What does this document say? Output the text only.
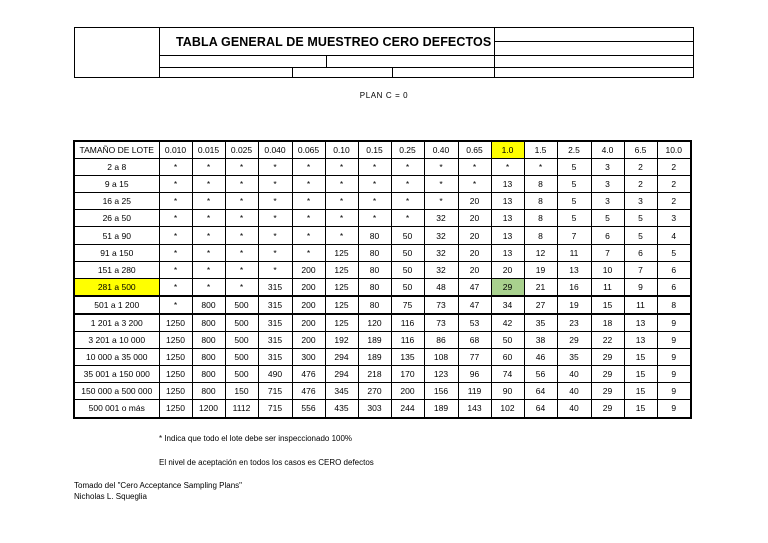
TABLA GENERAL DE MUESTREO CERO DEFECTOS
PLAN C = 0
TAMAÑO DE LOTE	0.010	0.015	0.025	0.040	0.065	0.10	0.15	0.25	0.40	0.65	1.0	1.5	2.5	4.0	6.5	10.0
2 a 8	*	*	*	*	*	*	*	*	*	*	*	*	5	3	2	2
9 a 15	*	*	*	*	*	*	*	*	*	*	13	8	5	3	2	2
16 a 25	*	*	*	*	*	*	*	*	*	20	13	8	5	3	3	2
26 a 50	*	*	*	*	*	*	*	*	32	20	13	8	5	5	5	3
51 a 90	*	*	*	*	*	*	80	50	32	20	13	8	7	6	5	4
91 a 150	*	*	*	*	*	125	80	50	32	20	13	12	11	7	6	5
151 a 280	*	*	*	*	200	125	80	50	32	20	20	19	13	10	7	6
281 a 500	*	*	*	315	200	125	80	50	48	47	29	21	16	11	9	6
501 a 1 200	*	800	500	315	200	125	80	75	73	47	34	27	19	15	11	8
1 201 a 3 200	1250	800	500	315	200	125	120	116	73	53	42	35	23	18	13	9
3 201 a 10 000	1250	800	500	315	200	192	189	116	86	68	50	38	29	22	13	9
10 000 a 35 000	1250	800	500	315	300	294	189	135	108	77	60	46	35	29	15	9
35 001 a 150 000	1250	800	500	490	476	294	218	170	123	96	74	56	40	29	15	9
150 000 a 500 000	1250	800	150	715	476	345	270	200	156	119	90	64	40	29	15	9
500 001 o más	1250	1200	1112	715	556	435	303	244	189	143	102	64	40	29	15	9
* Indica que todo el lote debe ser inspeccionado 100%
El nivel de aceptación en todos los casos es CERO defectos
Tomado del "Cero Acceptance Sampling Plans"
Nicholas L. Squeglia
